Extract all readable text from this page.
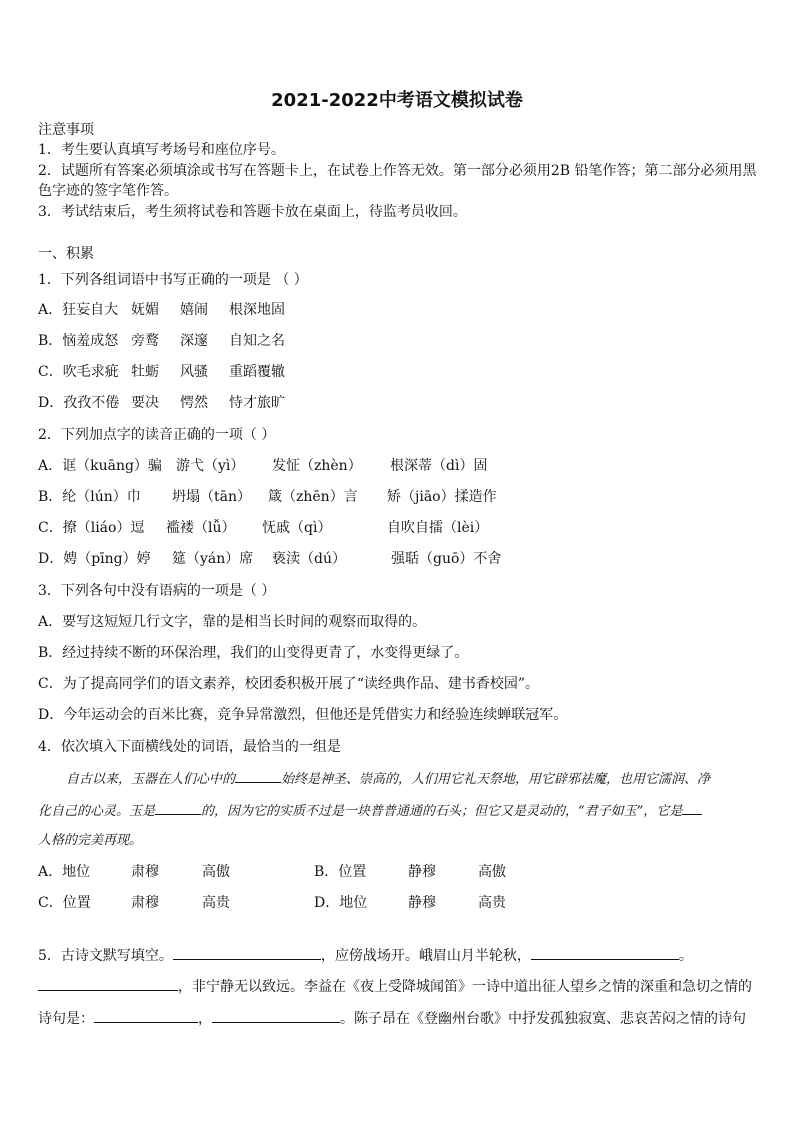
2021-2022中考语文模拟试卷
注意事项
1．考生要认真填写考场号和座位序号。
2．试题所有答案必须填涂或书写在答题卡上，在试卷上作答无效。第一部分必须用2B 铅笔作答；第二部分必须用黑
色字迹的签字笔作答。
3．考试结束后，考生须将试卷和答题卡放在桌面上，待监考员收回。
一、积累
1．下列各组词语中书写正确的一项是 （ ）
A．狂妄自大 妩媚 嬉闹 根深地固
B．恼羞成怒 旁鹜 深邃 自知之名
C．吹毛求疵 牡蛎 风骚 重蹈覆辙
D．孜孜不倦 要决 愕然 恃才旅旷
2．下列加点字的读音正确的一项（ ）
A．诓（kuāng）骗 游弋（yì） 发怔（zhèn） 根深蒂（dì）固
B．纶（lún）巾 坍塌（tān） 箴（zhēn）言 矫（jiāo）揉造作
C．撩（liáo）逗 褴褛（lǚ） 怃戚（qì）	自吹自擂（lèi）
D．娉（pīng）婷 筵（yán）席 亵渎（dú）	强聒（guō）不舍
3．下列各句中没有语病的一项是（ ）
A．要写这短短几行文字，靠的是相当长时间的观察而取得的。
B．经过持续不断的环保治理，我们的山变得更青了，水变得更绿了。
C．为了提高同学们的语文素养，校团委积极开展了“读经典作品、建书香校园”。
D．今年运动会的百米比赛，竞争异常激烈，但他还是凭借实力和经验连续蝉联冠军。
4．依次填入下面横线处的词语，最恰当的一组是
自古以来，玉器在人们心中的	始终是神圣、崇高的，人们用它礼天祭地，用它辟邪祛魔，也用它濡润、净
化自己的心灵。玉是	的，因为它的实质不过是一块普普通通的石头；但它又是灵动的，“君子如玉”，它是
人格的完美再现。
A．地位	肃穆	高傲	B．位置	静穆	高傲
C．位置	肃穆	高贵	D．地位	静穆	高贵
5．古诗文默写填空。	，应傍战场开。峨眉山月半轮秋，	。
，非宁静无以致远。李益在《夜上受降城闻笛》一诗中道出征人望乡之情的深重和急切之情的
诗句是：	，	。陈子昂在《登幽州台歌》中抒发孤独寂寞、悲哀苦闷之情的诗句
